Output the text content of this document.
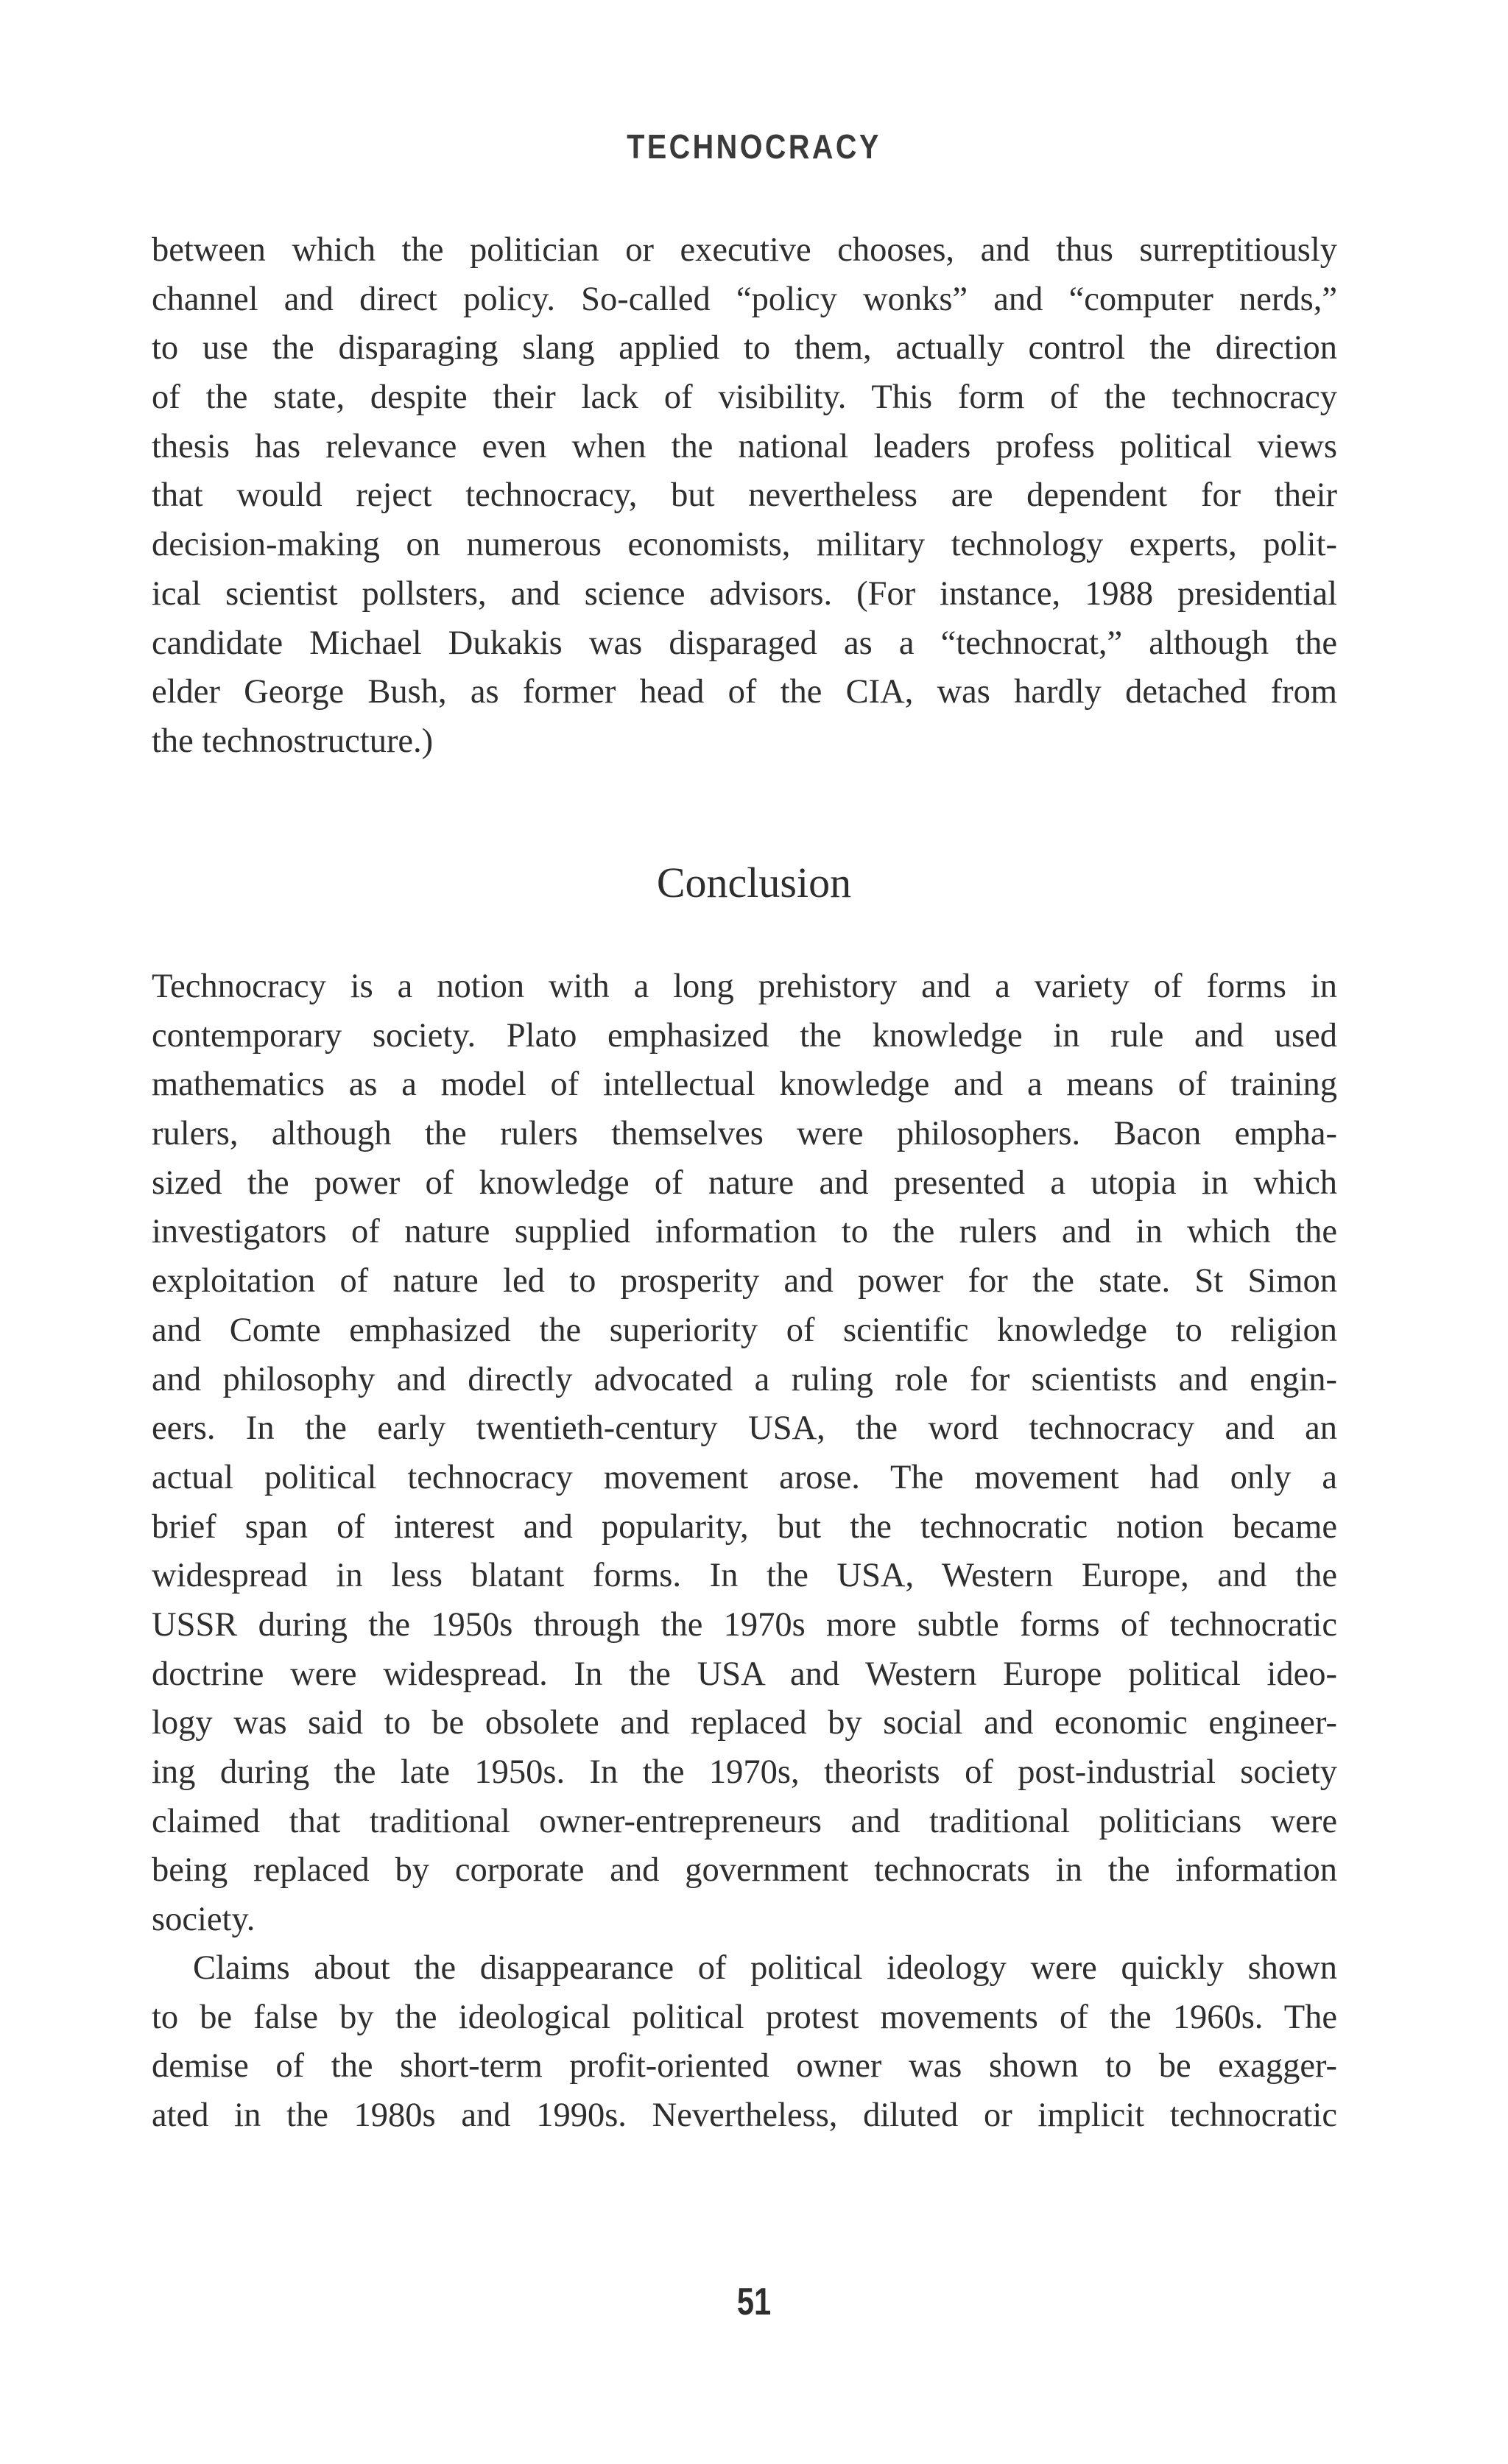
TECHNOCRACY
between which the politician or executive chooses, and thus surreptitiously
channel and direct policy. So-called “policy wonks” and “computer nerds,”
to use the disparaging slang applied to them, actually control the direction
of the state, despite their lack of visibility. This form of the technocracy
thesis has relevance even when the national leaders profess political views
that would reject technocracy, but nevertheless are dependent for their
decision-making on numerous economists, military technology experts, polit-
ical scientist pollsters, and science advisors. (For instance, 1988 presidential
candidate Michael Dukakis was disparaged as a “technocrat,” although the
elder George Bush, as former head of the CIA, was hardly detached from
the technostructure.)
Conclusion
Technocracy is a notion with a long prehistory and a variety of forms in
contemporary society. Plato emphasized the knowledge in rule and used
mathematics as a model of intellectual knowledge and a means of training
rulers, although the rulers themselves were philosophers. Bacon empha-
sized the power of knowledge of nature and presented a utopia in which
investigators of nature supplied information to the rulers and in which the
exploitation of nature led to prosperity and power for the state. St Simon
and Comte emphasized the superiority of scientific knowledge to religion
and philosophy and directly advocated a ruling role for scientists and engin-
eers. In the early twentieth-century USA, the word technocracy and an
actual political technocracy movement arose. The movement had only a
brief span of interest and popularity, but the technocratic notion became
widespread in less blatant forms. In the USA, Western Europe, and the
USSR during the 1950s through the 1970s more subtle forms of technocratic
doctrine were widespread. In the USA and Western Europe political ideo-
logy was said to be obsolete and replaced by social and economic engineer-
ing during the late 1950s. In the 1970s, theorists of post-industrial society
claimed that traditional owner-entrepreneurs and traditional politicians were
being replaced by corporate and government technocrats in the information
society.
Claims about the disappearance of political ideology were quickly shown
to be false by the ideological political protest movements of the 1960s. The
demise of the short-term profit-oriented owner was shown to be exagger-
ated in the 1980s and 1990s. Nevertheless, diluted or implicit technocratic
51
